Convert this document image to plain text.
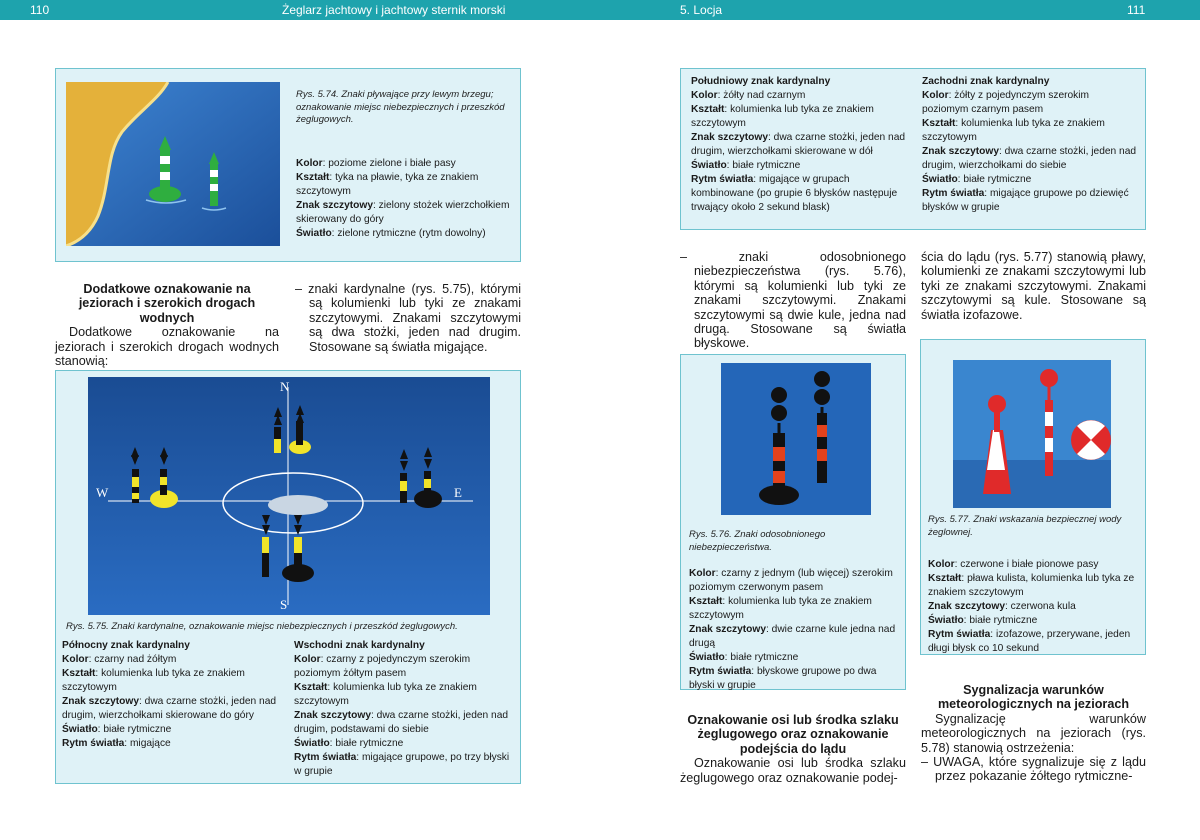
110	Żeglarz jachtowy i jachtowy sternik morski	5. Locja	111
Rys. 5.74. Znaki pływające przy lewym brzegu; oznakowanie miejsc niebezpiecznych i przeszkód żeglugowych.

Kolor: poziome zielone i białe pasy

Kształt: tyka na pławie, tyka ze znakiem szczytowym

Znak szczytowy: zielony stożek wierzchołkiem skierowany do góry

Światło: zielone rytmiczne (rytm dowolny)

Dodatkowe oznakowanie na jeziorach i szerokich drogach wodnych

Dodatkowe oznakowanie na jeziorach i szerokich drogach wodnych stanowią:

– znaki kardynalne (rys. 5.75), którymi są kolumienki lub tyki ze znakami szczytowymi. Znakami szczytowymi są dwa stożki, jeden nad drugim. Stosowane są światła migające.

N
S
W	E
Rys. 5.75. Znaki kardynalne, oznakowanie miejsc niebezpiecznych i przeszkód żeglugowych.

Północny znak kardynalny

Kolor: czarny nad żółtym

Kształt: kolumienka lub tyka ze znakiem szczytowym

Znak szczytowy: dwa czarne stożki, jeden nad drugim, wierzchołkami skierowane do góry

Światło: białe rytmiczne

Rytm światła: migające

Wschodni znak kardynalny

Kolor: czarny z pojedynczym szerokim poziomym żółtym pasem

Kształt: kolumienka lub tyka ze znakiem szczytowym

Znak szczytowy: dwa czarne stożki, jeden nad drugim, podstawami do siebie

Światło: białe rytmiczne

Rytm światła: migające grupowe, po trzy błyski w grupie

Południowy znak kardynalny

Kolor: żółty nad czarnym

Kształt: kolumienka lub tyka ze znakiem szczytowym

Znak szczytowy: dwa czarne stożki, jeden nad drugim, wierzchołkami skierowane w dół

Światło: białe rytmiczne

Rytm światła: migające w grupach kombinowane (po grupie 6 błysków następuje trwający około 2 sekund blask)

Zachodni znak kardynalny

Kolor: żółty z pojedynczym szerokim poziomym czarnym pasem

Kształt: kolumienka lub tyka ze znakiem szczytowym

Znak szczytowy: dwa czarne stożki, jeden nad drugim, wierzchołkami do siebie

Światło: białe rytmiczne

Rytm światła: migające grupowe po dziewięć błysków w grupie

– znaki odosobnionego niebezpieczeństwa (rys. 5.76), którymi są kolumienki lub tyki ze znakami szczytowymi. Znakami szczytowymi są dwie kule, jedna nad drugą. Stosowane są światła błyskowe.

ścia do lądu (rys. 5.77) stanowią pławy, kolumienki ze znakami szczytowymi lub tyki ze znakami szczytowymi. Znakami szczytowymi są kule. Stosowane są światła izofazowe.

Rys. 5.76. Znaki odosobnionego niebezpieczeństwa.

Kolor: czarny z jednym (lub więcej) szerokim poziomym czerwonym pasem

Kształt: kolumienka lub tyka ze znakiem szczytowym

Znak szczytowy: dwie czarne kule jedna nad drugą

Światło: białe rytmiczne

Rytm światła: błyskowe grupowe po dwa błyski w grupie

Rys. 5.77. Znaki wskazania bezpiecznej wody żeglownej.

Kolor: czerwone i białe pionowe pasy

Kształt: pława kulista, kolumienka lub tyka ze znakiem szczytowym

Znak szczytowy: czerwona kula

Światło: białe rytmiczne

Rytm światła: izofazowe, przerywane, jeden długi błysk co 10 sekund

Oznakowanie osi lub środka szlaku żeglugowego oraz oznakowanie podejścia do lądu

Oznakowanie osi lub środka szlaku żeglugowego oraz oznakowanie podej-

Sygnalizacja warunków meteorologicznych na jeziorach

Sygnalizację warunków meteorologicznych na jeziorach (rys. 5.78) stanowią ostrzeżenia:

– UWAGA, które sygnalizuje się z lądu przez pokazanie żółtego rytmiczne-
